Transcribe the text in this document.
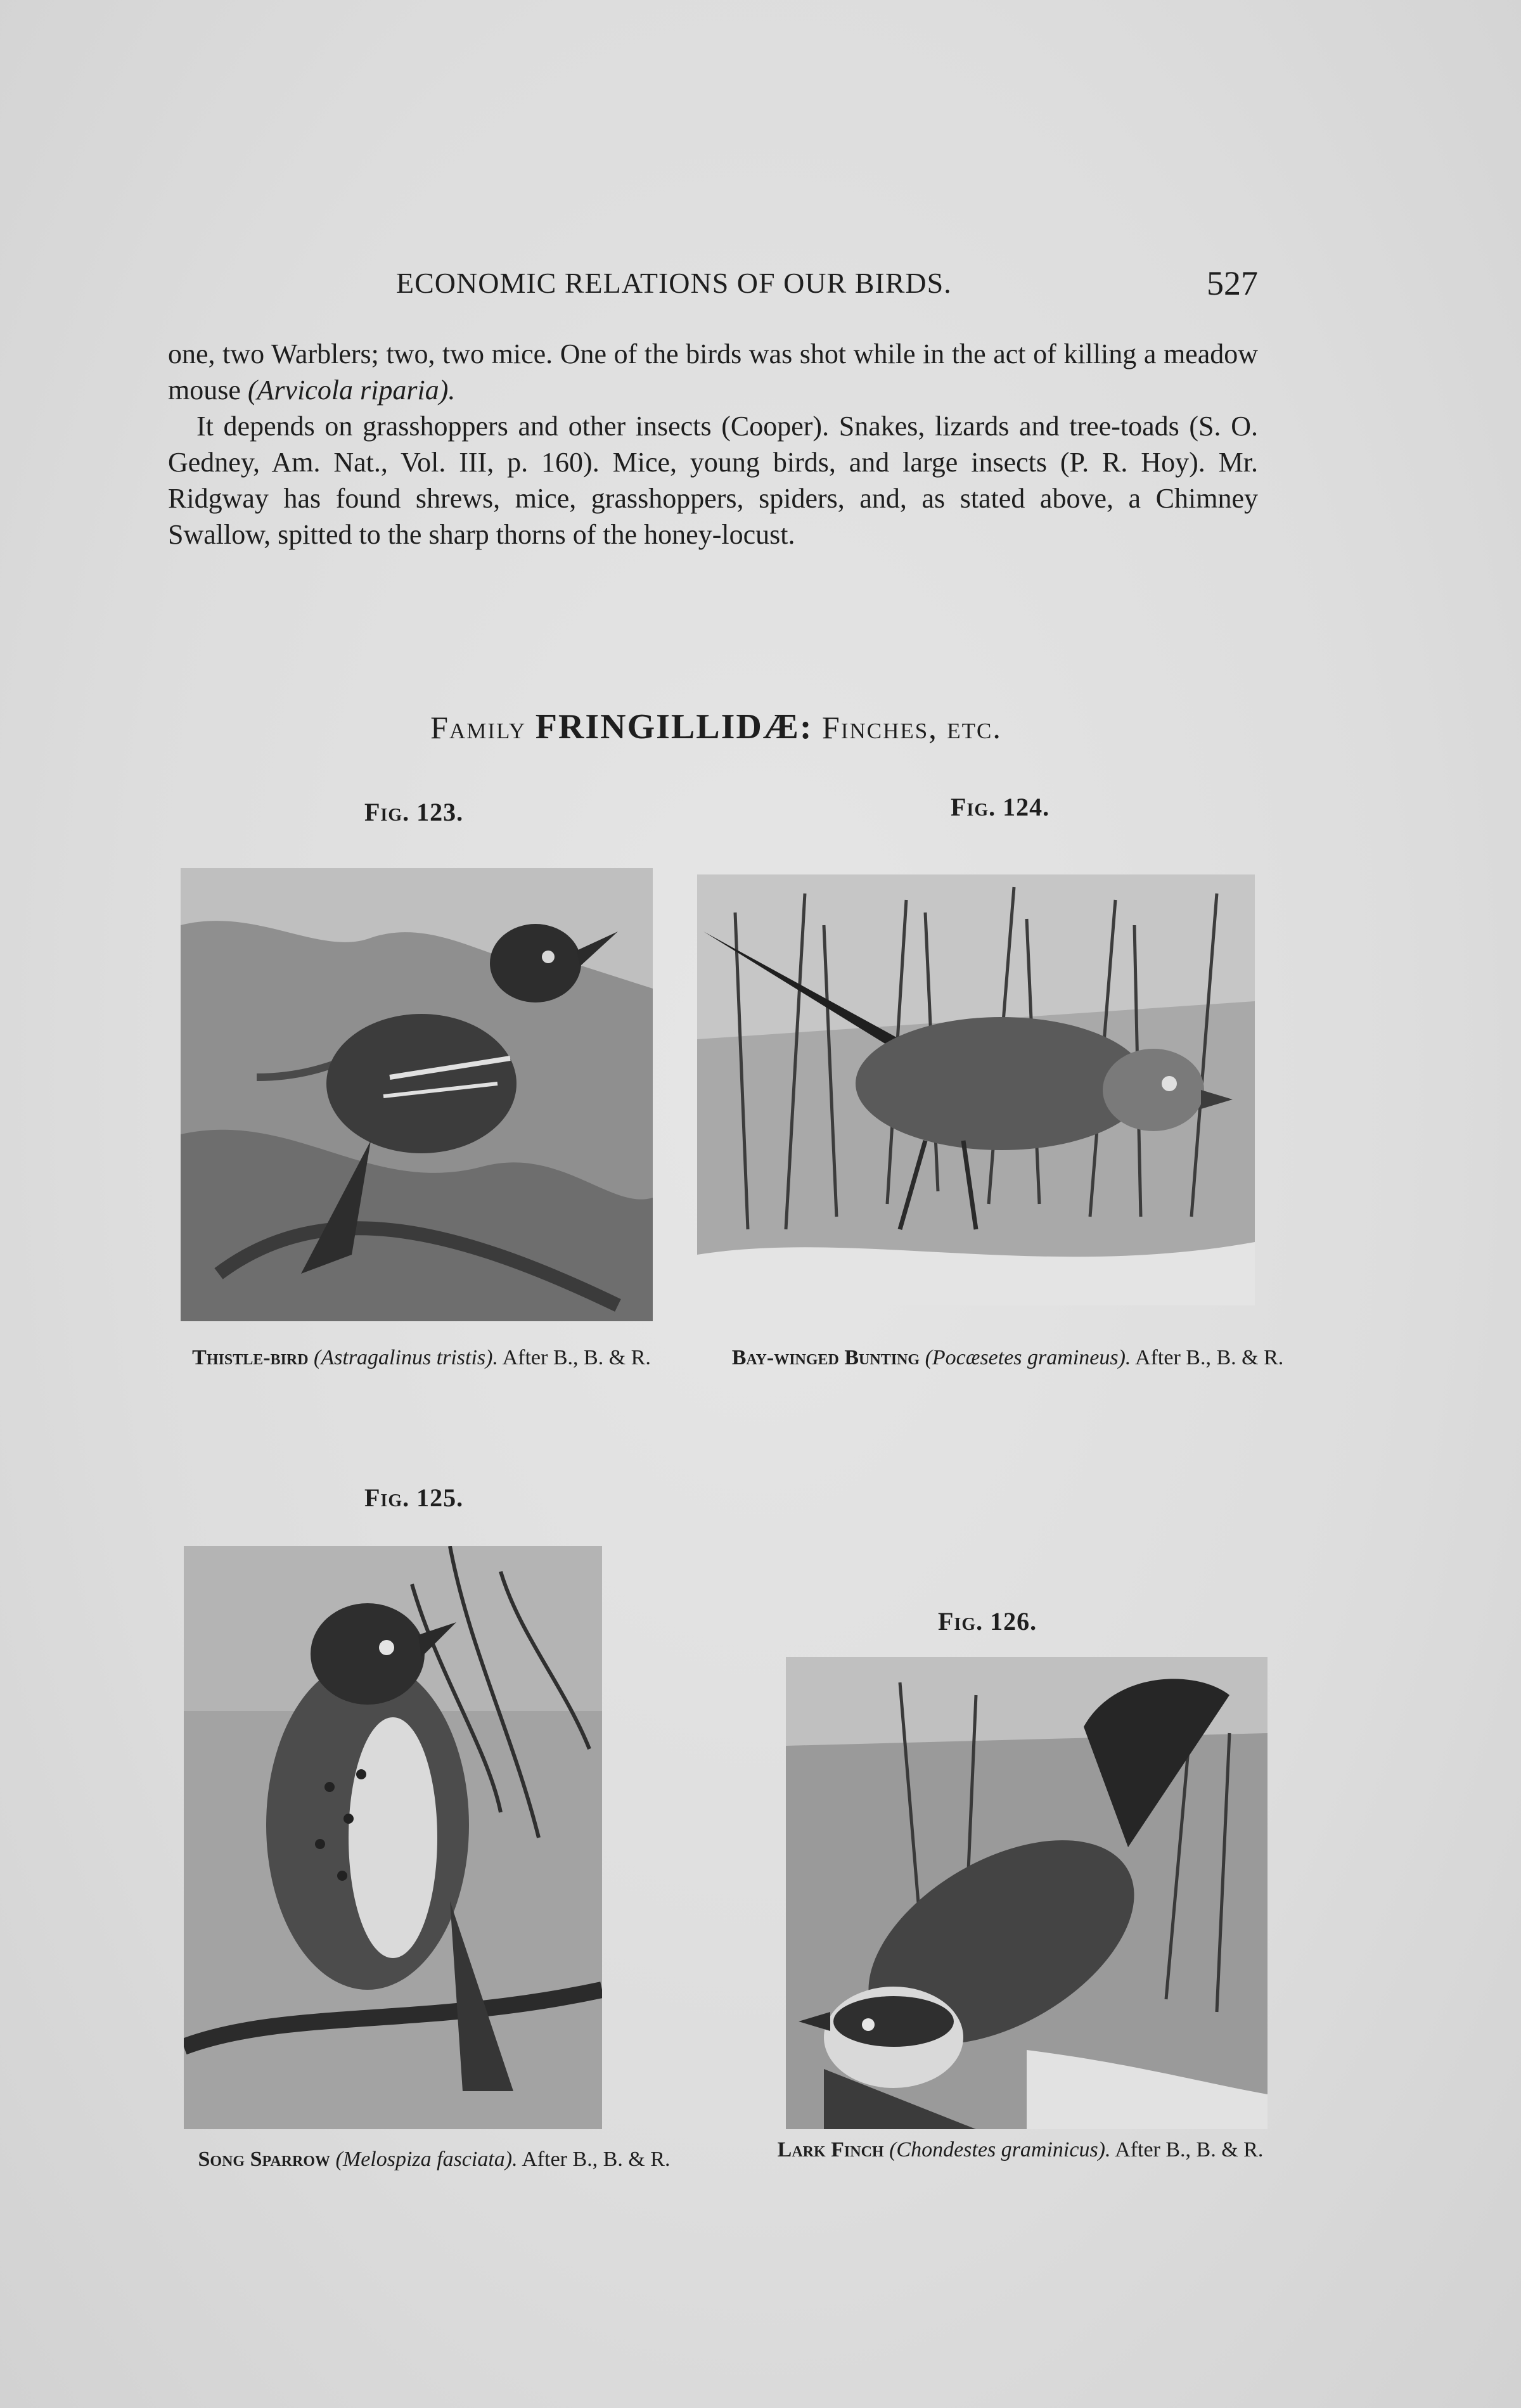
ECONOMIC RELATIONS OF OUR BIRDS.	527

one, two Warblers; two, two mice. One of the birds was shot while in the act of killing a meadow mouse (Arvicola riparia).

It depends on grasshoppers and other insects (Cooper). Snakes, lizards and tree-toads (S. O. Gedney, Am. Nat., Vol. III, p. 160). Mice, young birds, and large insects (P. R. Hoy). Mr. Ridgway has found shrews, mice, grasshoppers, spiders, and, as stated above, a Chimney Swallow, spitted to the sharp thorns of the honey-locust.

Family FRINGILLIDÆ: Finches, etc.
Fig. 123.
Thistle-bird (Astragalinus tristis). After B., B. & R.
Fig. 124.
Bay-winged Bunting (Pocæsetes gramineus). After B., B. & R.
Fig. 125.
Song Sparrow (Melospiza fasciata). After B., B. & R.
Fig. 126.
Lark Finch (Chondestes graminicus). After B., B. & R.
